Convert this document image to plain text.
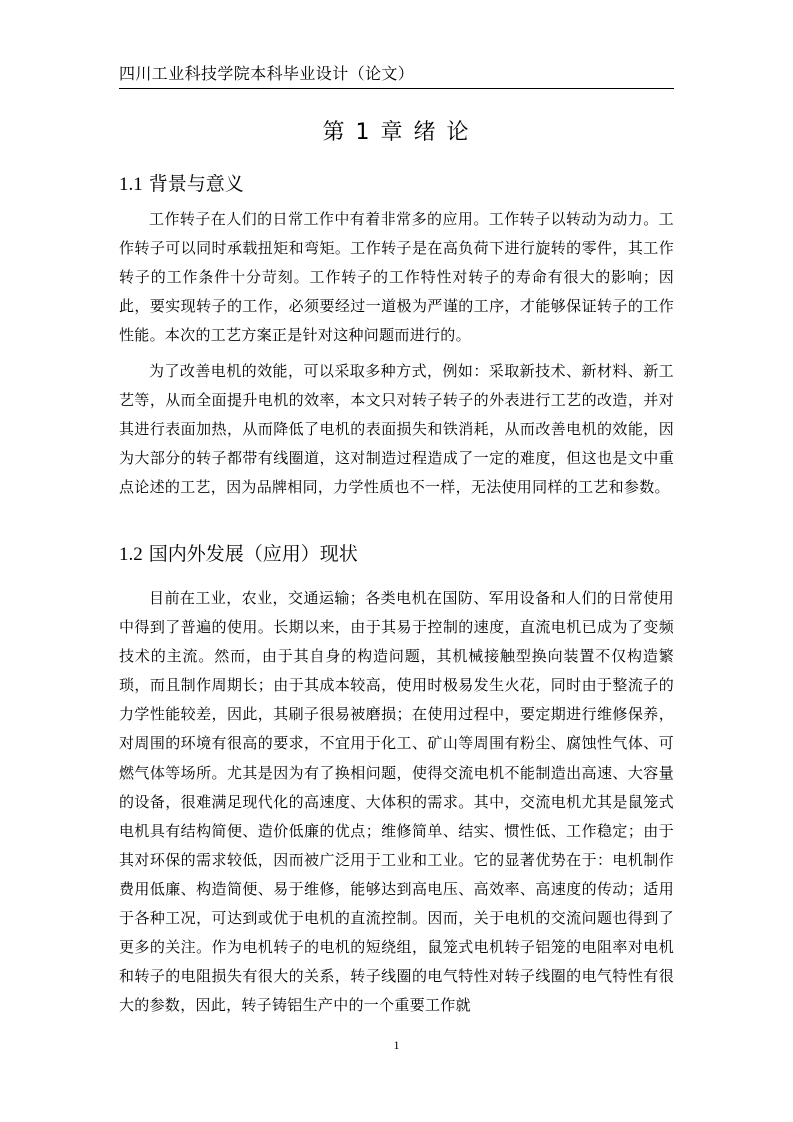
四川工业科技学院本科毕业设计（论文）
第 1 章 绪 论
1.1 背景与意义

工作转子在人们的日常工作中有着非常多的应用。工作转子以转动为动力。工作转子可以同时承载扭矩和弯矩。工作转子是在高负荷下进行旋转的零件，其工作转子的工作条件十分苛刻。工作转子的工作特性对转子的寿命有很大的影响；因此，要实现转子的工作，必须要经过一道极为严谨的工序，才能够保证转子的工作性能。本次的工艺方案正是针对这种问题而进行的。

为了改善电机的效能，可以采取多种方式，例如：采取新技术、新材料、新工艺等，从而全面提升电机的效率，本文只对转子转子的外表进行工艺的改造，并对其进行表面加热，从而降低了电机的表面损失和铁消耗，从而改善电机的效能，因为大部分的转子都带有线圈道，这对制造过程造成了一定的难度，但这也是文中重点论述的工艺，因为品牌相同，力学性质也不一样，无法使用同样的工艺和参数。

1.2 国内外发展（应用）现状

目前在工业，农业，交通运输；各类电机在国防、军用设备和人们的日常使用中得到了普遍的使用。长期以来，由于其易于控制的速度，直流电机已成为了变频技术的主流。然而，由于其自身的构造问题，其机械接触型换向装置不仅构造繁琐，而且制作周期长；由于其成本较高，使用时极易发生火花，同时由于整流子的力学性能较差，因此，其刷子很易被磨损；在使用过程中，要定期进行维修保养，对周围的环境有很高的要求，不宜用于化工、矿山等周围有粉尘、腐蚀性气体、可燃气体等场所。尤其是因为有了换相问题，使得交流电机不能制造出高速、大容量的设备，很难满足现代化的高速度、大体积的需求。其中，交流电机尤其是鼠笼式电机具有结构简便、造价低廉的优点；维修简单、结实、惯性低、工作稳定；由于其对环保的需求较低，因而被广泛用于工业和工业。它的显著优势在于：电机制作费用低廉、构造简便、易于维修，能够达到高电压、高效率、高速度的传动；适用于各种工况，可达到或优于电机的直流控制。因而，关于电机的交流问题也得到了更多的关注。作为电机转子的电机的短绕组，鼠笼式电机转子铝笼的电阻率对电机和转子的电阻损失有很大的关系，转子线圈的电气特性对转子线圈的电气特性有很大的参数，因此，转子铸铝生产中的一个重要工作就

1
